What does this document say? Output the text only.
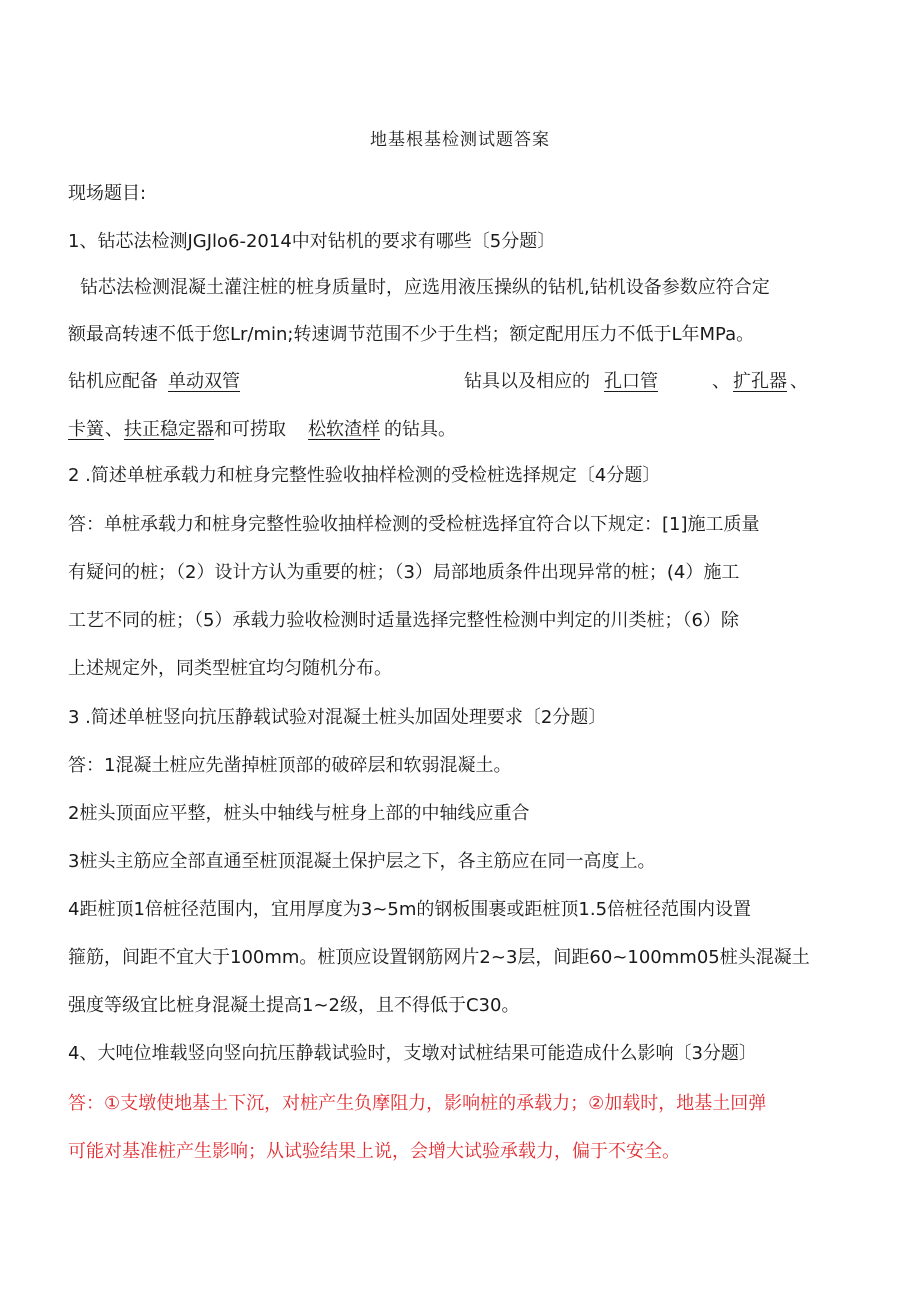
地基根基检测试题答案
现场题目:
1、钻芯法检测JGJlo6-2014中对钻机的要求有哪些〔5分题〕
钻芯法检测混凝土灌注桩的桩身质量时，应选用液压操纵的钻机,钻机设备参数应符合定
额最高转速不低于您Lr/min;转速调节范围不少于生档；额定配用压力不低于L年MPa。
钻机应配备 单动双管	钻具以及相应的 孔口管	、 扩孔器 、
卡簧 、 扶正稳定器 和可捞取 松软渣样 的钻具。
2 .简述单桩承载力和桩身完整性验收抽样检测的受检桩选择规定〔4分题〕
答：单桩承载力和桩身完整性验收抽样检测的受检桩选择宜符合以下规定：[1]施工质量
有疑问的桩；（2）设计方认为重要的桩；（3）局部地质条件出现异常的桩；(4）施工
工艺不同的桩；（5）承载力验收检测时适量选择完整性检测中判定的川类桩；（6）除
上述规定外，同类型桩宜均匀随机分布。
3 .简述单桩竖向抗压静载试验对混凝土桩头加固处理要求〔2分题〕
答：1混凝土桩应先凿掉桩顶部的破碎层和软弱混凝土。
2桩头顶面应平整，桩头中轴线与桩身上部的中轴线应重合
3桩头主筋应全部直通至桩顶混凝土保护层之下，各主筋应在同一高度上。
4距桩顶1倍桩径范围内，宜用厚度为3~5m的钢板围裹或距桩顶1.5倍桩径范围内设置
箍筋，间距不宜大于100mm。桩顶应设置钢筋网片2~3层，间距60~100mm05桩头混凝土
强度等级宜比桩身混凝土提高1~2级，且不得低于C30。
4、大吨位堆载竖向竖向抗压静载试验时，支墩对试桩结果可能造成什么影响〔3分题〕
答：①支墩使地基土下沉，对桩产生负摩阻力，影响桩的承载力；②加载时，地基土回弹
可能对基准桩产生影响；从试验结果上说，会增大试验承载力，偏于不安全。
